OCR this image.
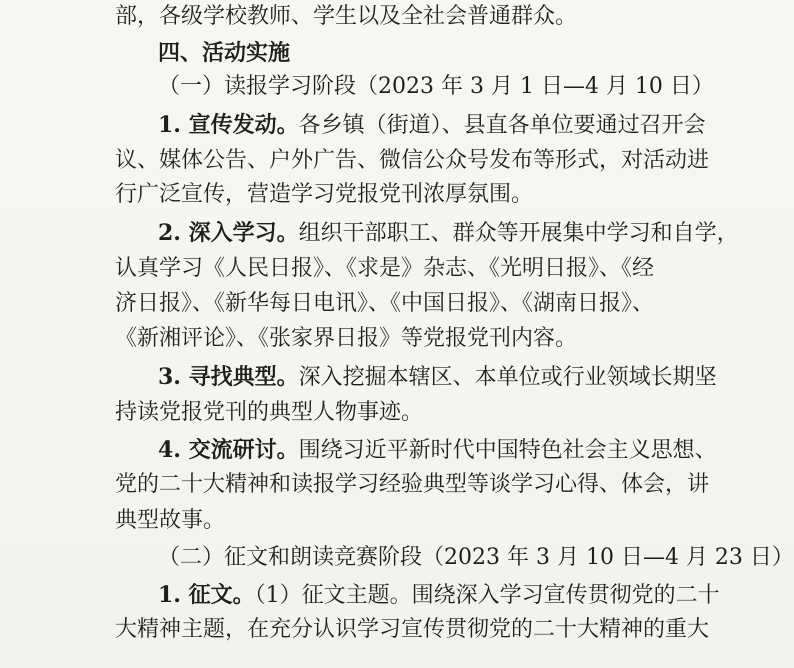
部，各级学校教师、学生以及全社会普通群众。
四、活动实施
（一）读报学习阶段（2023 年 3 月 1 日—4 月 10 日）
1. 宣传发动。各乡镇（街道）、县直各单位要通过召开会
议、媒体公告、户外广告、微信公众号发布等形式，对活动进
行广泛宣传，营造学习党报党刊浓厚氛围。
2. 深入学习。组织干部职工、群众等开展集中学习和自学，
认真学习《人民日报》、《求是》杂志、《光明日报》、《经
济日报》、《新华每日电讯》、《中国日报》、《湖南日报》、
《新湘评论》、《张家界日报》等党报党刊内容。
3. 寻找典型。深入挖掘本辖区、本单位或行业领域长期坚
持读党报党刊的典型人物事迹。
4. 交流研讨。围绕习近平新时代中国特色社会主义思想、
党的二十大精神和读报学习经验典型等谈学习心得、体会，讲
典型故事。
（二）征文和朗读竞赛阶段（2023 年 3 月 10 日—4 月 23 日）
1. 征文。（1）征文主题。围绕深入学习宣传贯彻党的二十
大精神主题，在充分认识学习宣传贯彻党的二十大精神的重大
